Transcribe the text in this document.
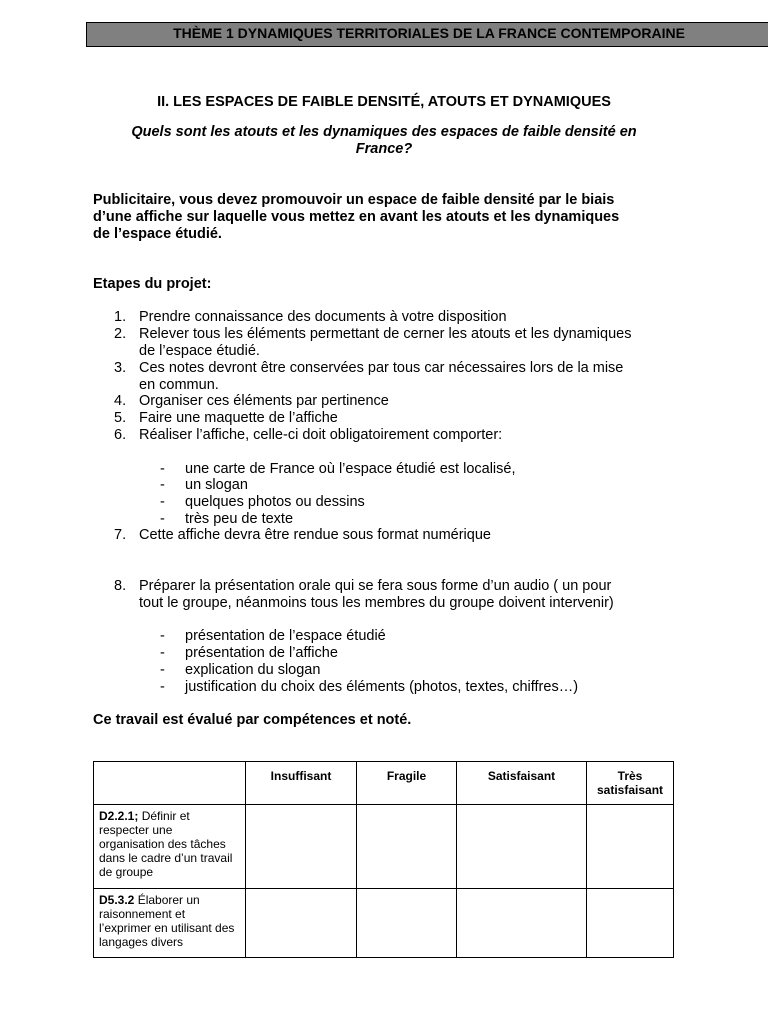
THÈME 1 DYNAMIQUES TERRITORIALES DE LA FRANCE CONTEMPORAINE
II. LES ESPACES DE FAIBLE DENSITÉ, ATOUTS ET DYNAMIQUES
Quels sont les atouts et les dynamiques des espaces de faible densité en
France?
Publicitaire, vous devez promouvoir un espace de faible densité par le biais
d’une affiche sur laquelle vous mettez en avant les atouts et les dynamiques
de l’espace étudié.
Etapes du projet:
1. Prendre connaissance des documents à votre disposition
2. Relever tous les éléments permettant de cerner les atouts et les dynamiques
de l’espace étudié.
3. Ces notes devront être conservées par tous car nécessaires lors de la mise
en commun.
4. Organiser ces éléments par pertinence
5. Faire une maquette de l’affiche
6. Réaliser l’affiche, celle-ci doit obligatoirement comporter:
- une carte de France où l’espace étudié est localisé,
- un slogan
- quelques photos ou dessins
- très peu de texte
7. Cette affiche devra être rendue sous format numérique
8. Préparer la présentation orale qui se fera sous forme d’un audio ( un pour
tout le groupe, néanmoins tous les membres du groupe doivent intervenir)
- présentation de l’espace étudié
- présentation de l’affiche
- explication du slogan
- justification du choix des éléments (photos, textes, chiffres…)
Ce travail est évalué par compétences et noté.
	Insuffisant	Fragile	Satisfaisant	Très satisfaisant
D2.2.1; Définir et respecter une organisation des tâches dans le cadre d’un travail de groupe				
D5.3.2 Élaborer un raisonnement et l’exprimer en utilisant des langages divers				
